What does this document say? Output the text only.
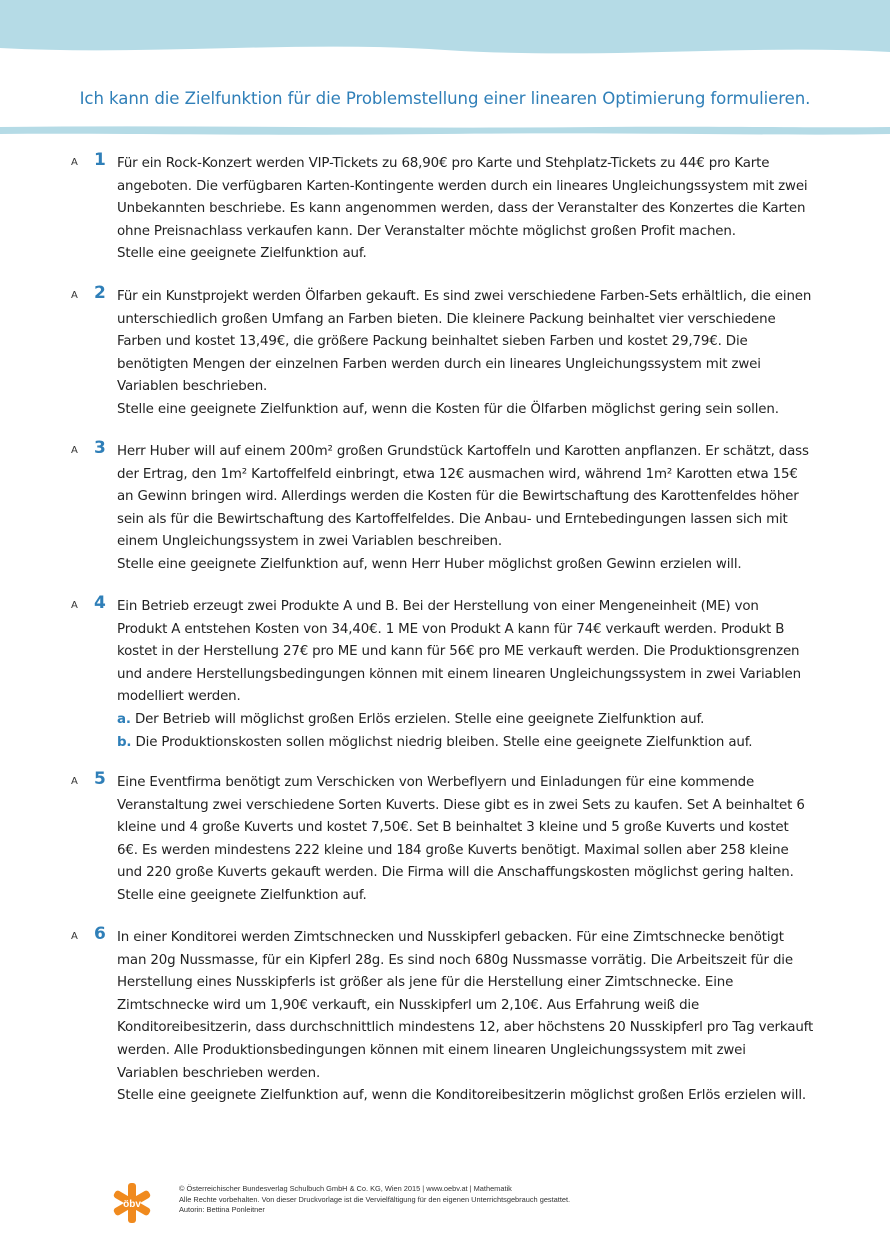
Ich kann die Zielfunktion für die Problemstellung einer linearen Optimierung formulieren.
A 1 Für ein Rock-Konzert werden VIP-Tickets zu 68,90€ pro Karte und Stehplatz-Tickets zu 44€ pro Karte
angeboten. Die verfügbaren Karten-Kontingente werden durch ein lineares Ungleichungssystem mit zwei
Unbekannten beschriebe. Es kann angenommen werden, dass der Veranstalter des Konzertes die Karten
ohne Preisnachlass verkaufen kann. Der Veranstalter möchte möglichst großen Profit machen.
Stelle eine geeignete Zielfunktion auf.
A 2 Für ein Kunstprojekt werden Ölfarben gekauft. Es sind zwei verschiedene Farben-Sets erhältlich, die einen
unterschiedlich großen Umfang an Farben bieten. Die kleinere Packung beinhaltet vier verschiedene
Farben und kostet 13,49€, die größere Packung beinhaltet sieben Farben und kostet 29,79€. Die
benötigten Mengen der einzelnen Farben werden durch ein lineares Ungleichungssystem mit zwei
Variablen beschrieben.
Stelle eine geeignete Zielfunktion auf, wenn die Kosten für die Ölfarben möglichst gering sein sollen.
A 3 Herr Huber will auf einem 200m² großen Grundstück Kartoffeln und Karotten anpflanzen. Er schätzt, dass
der Ertrag, den 1m² Kartoffelfeld einbringt, etwa 12€ ausmachen wird, während 1m² Karotten etwa 15€
an Gewinn bringen wird. Allerdings werden die Kosten für die Bewirtschaftung des Karottenfeldes höher
sein als für die Bewirtschaftung des Kartoffelfeldes. Die Anbau- und Erntebedingungen lassen sich mit
einem Ungleichungssystem in zwei Variablen beschreiben.
Stelle eine geeignete Zielfunktion auf, wenn Herr Huber möglichst großen Gewinn erzielen will.
A 4 Ein Betrieb erzeugt zwei Produkte A und B. Bei der Herstellung von einer Mengeneinheit (ME) von
Produkt A entstehen Kosten von 34,40€. 1 ME von Produkt A kann für 74€ verkauft werden. Produkt B
kostet in der Herstellung 27€ pro ME und kann für 56€ pro ME verkauft werden. Die Produktionsgrenzen
und andere Herstellungsbedingungen können mit einem linearen Ungleichungssystem in zwei Variablen
modelliert werden.
a. Der Betrieb will möglichst großen Erlös erzielen. Stelle eine geeignete Zielfunktion auf.
b. Die Produktionskosten sollen möglichst niedrig bleiben. Stelle eine geeignete Zielfunktion auf.
A 5 Eine Eventfirma benötigt zum Verschicken von Werbeflyern und Einladungen für eine kommende
Veranstaltung zwei verschiedene Sorten Kuverts. Diese gibt es in zwei Sets zu kaufen. Set A beinhaltet 6
kleine und 4 große Kuverts und kostet 7,50€. Set B beinhaltet 3 kleine und 5 große Kuverts und kostet
6€. Es werden mindestens 222 kleine und 184 große Kuverts benötigt. Maximal sollen aber 258 kleine
und 220 große Kuverts gekauft werden. Die Firma will die Anschaffungskosten möglichst gering halten.
Stelle eine geeignete Zielfunktion auf.
A 6 In einer Konditorei werden Zimtschnecken und Nusskipferl gebacken. Für eine Zimtschnecke benötigt
man 20g Nussmasse, für ein Kipferl 28g. Es sind noch 680g Nussmasse vorrätig. Die Arbeitszeit für die
Herstellung eines Nusskipferls ist größer als jene für die Herstellung einer Zimtschnecke. Eine
Zimtschnecke wird um 1,90€ verkauft, ein Nusskipferl um 2,10€. Aus Erfahrung weiß die
Konditoreibesitzerin, dass durchschnittlich mindestens 12, aber höchstens 20 Nusskipferl pro Tag verkauft
werden. Alle Produktionsbedingungen können mit einem linearen Ungleichungssystem mit zwei
Variablen beschrieben werden.
Stelle eine geeignete Zielfunktion auf, wenn die Konditoreibesitzerin möglichst großen Erlös erzielen will.
öbv
© Österreichischer Bundesverlag Schulbuch GmbH & Co. KG, Wien 2015 | www.oebv.at | Mathematik
Alle Rechte vorbehalten. Von dieser Druckvorlage ist die Vervielfältigung für den eigenen Unterrichtsgebrauch gestattet.
Autorin: Bettina Ponleitner
